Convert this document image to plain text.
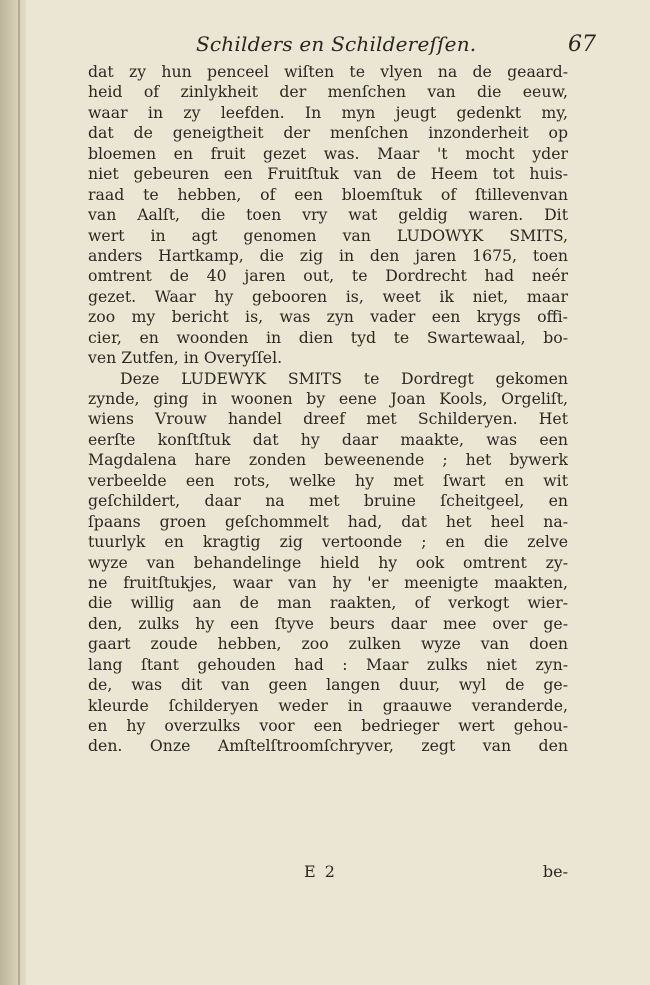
Schilders en Schildereſſen.	67
dat zy hun penceel wiſten te vlyen na de geaard-
heid of zinlykheit der menſchen van die eeuw,
waar in zy leefden. In myn jeugt gedenkt my,
dat de geneigtheit der menſchen inzonderheit op
bloemen en fruit gezet was. Maar 't mocht yder
niet gebeuren een Fruitſtuk van de Heem tot huis-
raad te hebben, of een bloemſtuk of ſtillevenvan
van Aalſt, die toen vry wat geldig waren. Dit
wert in agt genomen van LUDOWYK SMITS,
anders Hartkamp, die zig in den jaren 1675, toen
omtrent de 40 jaren out, te Dordrecht had neér
gezet. Waar hy gebooren is, weet ik niet, maar
zoo my bericht is, was zyn vader een krygs offi-
cier, en woonden in dien tyd te Swartewaal, bo-
ven Zutfen, in Overyſſel.
Deze LUDEWYK SMITS te Dordregt gekomen
zynde, ging in woonen by eene Joan Kools, Orgeliſt,
wiens Vrouw handel dreef met Schilderyen. Het
eerſte konſtſtuk dat hy daar maakte, was een
Magdalena hare zonden beweenende ; het bywerk
verbeelde een rots, welke hy met ſwart en wit
geſchildert, daar na met bruine ſcheitgeel, en
ſpaans groen geſchommelt had, dat het heel na-
tuurlyk en kragtig zig vertoonde ; en die zelve
wyze van behandelinge hield hy ook omtrent zy-
ne fruitſtukjes, waar van hy 'er meenigte maakten,
die willig aan de man raakten, of verkogt wier-
den, zulks hy een ſtyve beurs daar mee over ge-
gaart zoude hebben, zoo zulken wyze van doen
lang ſtant gehouden had : Maar zulks niet zyn-
de, was dit van geen langen duur, wyl de ge-
kleurde ſchilderyen weder in graauwe veranderde,
en hy overzulks voor een bedrieger wert gehou-
den. Onze Amſtelſtroomſchryver, zegt van den
E 2	be-
